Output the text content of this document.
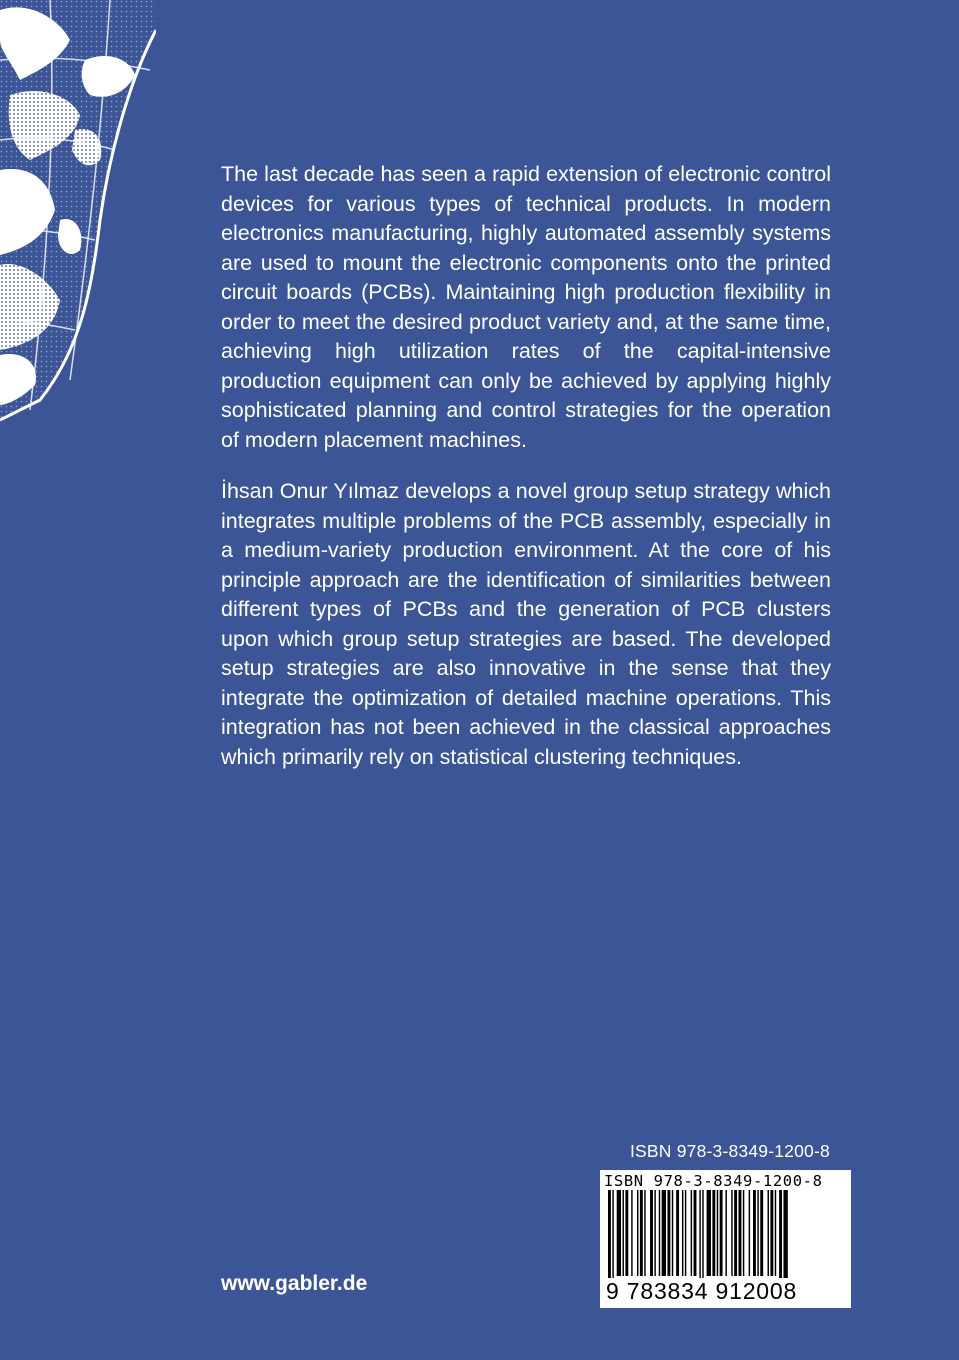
The last decade has seen a rapid extension of electronic control devices for various types of technical products. In modern electronics manufacturing, highly automated assembly systems are used to mount the electronic components onto the printed circuit boards (PCBs). Maintaining high production flexibility in order to meet the desired product variety and, at the same time, achieving high utilization rates of the capital-intensive production equipment can only be achieved by applying highly sophisticated planning and control strategies for the operation of modern placement machines.

İhsan Onur Yılmaz develops a novel group setup strategy which integrates multiple problems of the PCB assembly, especially in a medium-variety production environment. At the core of his principle approach are the identification of similarities between different types of PCBs and the generation of PCB clusters upon which group setup strategies are based. The developed setup strategies are also innovative in the sense that they integrate the optimization of detailed machine operations. This integration has not been achieved in the classical approaches which primarily rely on statistical clustering techniques.

ISBN 978-3-8349-1200-8
ISBN 978-3-8349-1200-8
9 783834 912008
www.gabler.de
